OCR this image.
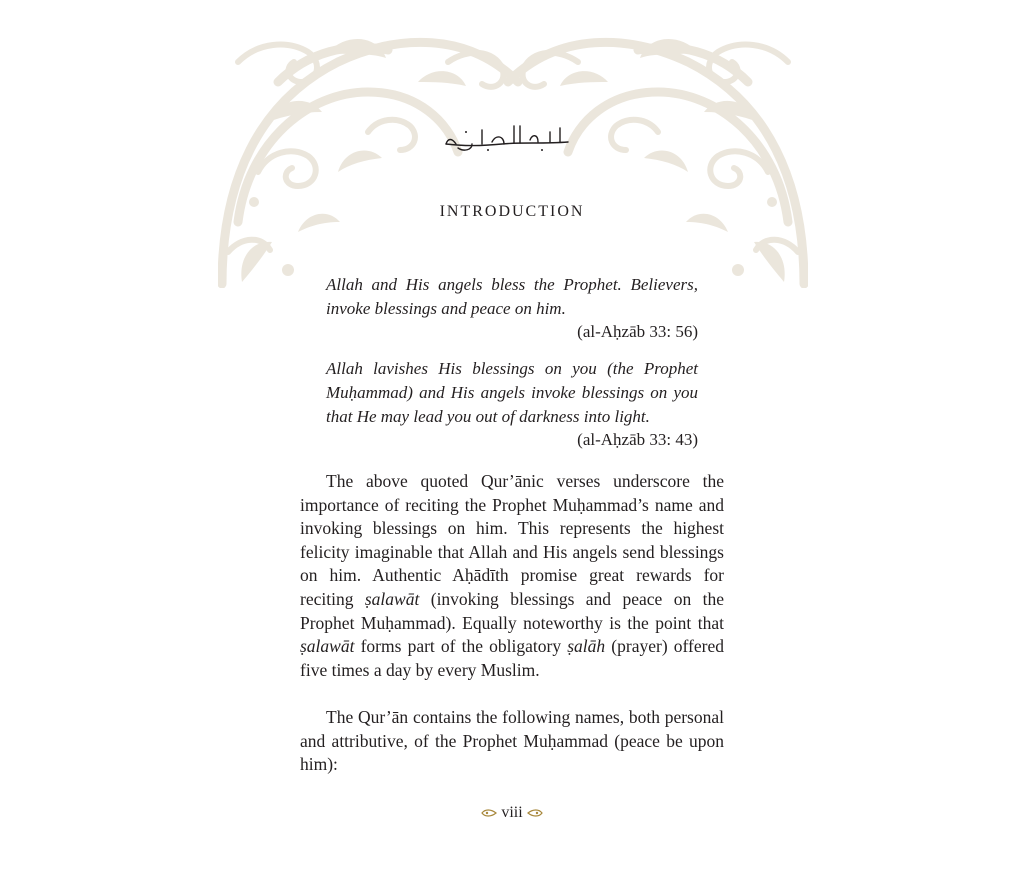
INTRODUCTION
Allah and His angels bless the Prophet. Believers, invoke blessings and peace on him.
(al-Aḥzāb 33: 56)
Allah lavishes His blessings on you (the Prophet Muḥammad) and His angels invoke blessings on you that He may lead you out of darkness into light.
(al-Aḥzāb 33: 43)

The above quoted Qur’ānic verses underscore the importance of reciting the Prophet Muḥammad’s name and invoking blessings on him. This represents the highest felicity imaginable that Allah and His angels send blessings on him. Authentic Aḥādīth promise great rewards for reciting ṣalawāt (invoking blessings and peace on the Prophet Muḥammad). Equally noteworthy is the point that ṣalawāt forms part of the obligatory ṣalāh (prayer) offered five times a day by every Muslim.

The Qur’ān contains the following names, both personal and attributive, of the Prophet Muḥammad (peace be upon him):

viii
